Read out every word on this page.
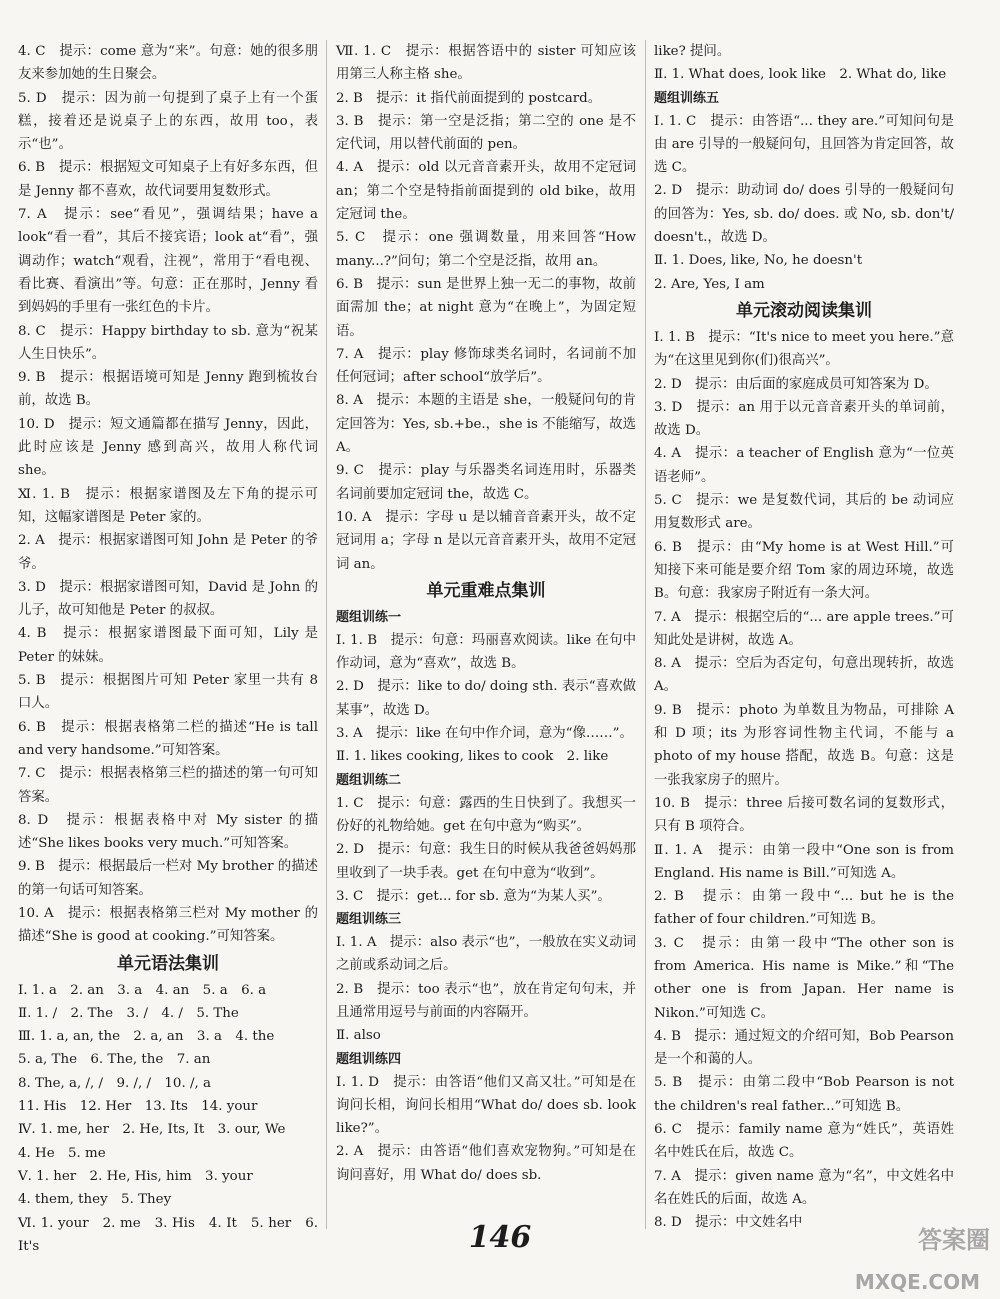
4. C　提示：come 意为“来”。句意：她的很多朋友来参加她的生日聚会。
5. D　提示：因为前一句提到了桌子上有一个蛋糕，接着还是说桌子上的东西，故用 too，表示“也”。
6. B　提示：根据短文可知桌子上有好多东西，但是 Jenny 都不喜欢，故代词要用复数形式。
7. A　提示：see“看见”，强调结果；have a look“看一看”，其后不接宾语；look at“看”，强调动作；watch“观看，注视”，常用于“看电视、看比赛、看演出”等。句意：正在那时，Jenny 看到妈妈的手里有一张红色的卡片。
8. C　提示：Happy birthday to sb. 意为“祝某人生日快乐”。
9. B　提示：根据语境可知是 Jenny 跑到梳妆台前，故选 B。
10. D　提示：短文通篇都在描写 Jenny，因此，此时应该是 Jenny 感到高兴，故用人称代词 she。
Ⅺ. 1. B　提示：根据家谱图及左下角的提示可知，这幅家谱图是 Peter 家的。
2. A　提示：根据家谱图可知 John 是 Peter 的爷爷。
3. D　提示：根据家谱图可知，David 是 John 的儿子，故可知他是 Peter 的叔叔。
4. B　提示：根据家谱图最下面可知，Lily 是 Peter 的妹妹。
5. B　提示：根据图片可知 Peter 家里一共有 8 口人。
6. B　提示：根据表格第二栏的描述“He is tall and very handsome.”可知答案。
7. C　提示：根据表格第三栏的描述的第一句可知答案。
8. D　提示：根据表格中对 My sister 的描述“She likes books very much.”可知答案。
9. B　提示：根据最后一栏对 My brother 的描述的第一句话可知答案。
10. A　提示：根据表格第三栏对 My mother 的描述“She is good at cooking.”可知答案。
单元语法集训
Ⅰ. 1. a　2. an　3. a　4. an　5. a　6. a
Ⅱ. 1. /　2. The　3. /　4. /　5. The
Ⅲ. 1. a, an, the　2. a, an　3. a　4. the
5. a, The　6. The, the　7. an
8. The, a, /, /　9. /, /　10. /, a
11. His　12. Her　13. Its　14. your
Ⅳ. 1. me, her　2. He, Its, It　3. our, We
4. He　5. me
Ⅴ. 1. her　2. He, His, him　3. your
4. them, they　5. They
Ⅵ. 1. your　2. me　3. His　4. It　5. her　6. It's
Ⅶ. 1. C　提示：根据答语中的 sister 可知应该用第三人称主格 she。
2. B　提示：it 指代前面提到的 postcard。
3. B　提示：第一空是泛指；第二空的 one 是不定代词，用以替代前面的 pen。
4. A　提示：old 以元音音素开头，故用不定冠词 an；第二个空是特指前面提到的 old bike，故用定冠词 the。
5. C　提示：one 强调数量，用来回答“How many...?”问句；第二个空是泛指，故用 an。
6. B　提示：sun 是世界上独一无二的事物，故前面需加 the；at night 意为“在晚上”，为固定短语。
7. A　提示：play 修饰球类名词时，名词前不加任何冠词；after school“放学后”。
8. A　提示：本题的主语是 she，一般疑问句的肯定回答为：Yes, sb.+be.，she is 不能缩写，故选 A。
9. C　提示：play 与乐器类名词连用时，乐器类名词前要加定冠词 the，故选 C。
10. A　提示：字母 u 是以辅音音素开头，故不定冠词用 a；字母 n 是以元音音素开头，故用不定冠词 an。
单元重难点集训
题组训练一
Ⅰ. 1. B　提示：句意：玛丽喜欢阅读。like 在句中作动词，意为“喜欢”，故选 B。
2. D　提示：like to do/ doing sth. 表示“喜欢做某事”，故选 D。
3. A　提示：like 在句中作介词，意为“像……”。
Ⅱ. 1. likes cooking, likes to cook　2. like
题组训练二
1. C　提示：句意：露西的生日快到了。我想买一份好的礼物给她。get 在句中意为“购买”。
2. D　提示：句意：我生日的时候从我爸爸妈妈那里收到了一块手表。get 在句中意为“收到”。
3. C　提示：get... for sb. 意为“为某人买”。
题组训练三
Ⅰ. 1. A　提示：also 表示“也”，一般放在实义动词之前或系动词之后。
2. B　提示：too 表示“也”，放在肯定句句末，并且通常用逗号与前面的内容隔开。
Ⅱ. also
题组训练四
Ⅰ. 1. D　提示：由答语“他们又高又壮。”可知是在询问长相，询问长相用“What do/ does sb. look like?”。
2. A　提示：由答语“他们喜欢宠物狗。”可知是在询问喜好，用 What do/ does sb.
like? 提问。
Ⅱ. 1. What does, look like　2. What do, like
题组训练五
Ⅰ. 1. C　提示：由答语“... they are.”可知问句是由 are 引导的一般疑问句，且回答为肯定回答，故选 C。
2. D　提示：助动词 do/ does 引导的一般疑问句的回答为：Yes, sb. do/ does. 或 No, sb. don't/ doesn't.，故选 D。
Ⅱ. 1. Does, like, No, he doesn't
2. Are, Yes, I am
单元滚动阅读集训
Ⅰ. 1. B　提示：“It's nice to meet you here.”意为“在这里见到你(们)很高兴”。
2. D　提示：由后面的家庭成员可知答案为 D。
3. D　提示：an 用于以元音音素开头的单词前，故选 D。
4. A　提示：a teacher of English 意为“一位英语老师”。
5. C　提示：we 是复数代词，其后的 be 动词应用复数形式 are。
6. B　提示：由“My home is at West Hill.”可知接下来可能是要介绍 Tom 家的周边环境，故选 B。句意：我家房子附近有一条大河。
7. A　提示：根据空后的“... are apple trees.”可知此处是讲树，故选 A。
8. A　提示：空后为否定句，句意出现转折，故选 A。
9. B　提示：photo 为单数且为物品，可排除 A 和 D 项；its 为形容词性物主代词，不能与 a photo of my house 搭配，故选 B。句意：这是一张我家房子的照片。
10. B　提示：three 后接可数名词的复数形式，只有 B 项符合。
Ⅱ. 1. A　提示：由第一段中“One son is from England. His name is Bill.”可知选 A。
2. B　提示：由第一段中“... but he is the father of four children.”可知选 B。
3. C　提示：由第一段中“The other son is from America. His name is Mike.”和“The other one is from Japan. Her name is Nikon.”可知选 C。
4. B　提示：通过短文的介绍可知，Bob Pearson 是一个和蔼的人。
5. B　提示：由第二段中“Bob Pearson is not the children's real father...”可知选 B。
6. C　提示：family name 意为“姓氏”，英语姓名中姓氏在后，故选 C。
7. A　提示：given name 意为“名”，中文姓名中名在姓氏的后面，故选 A。
8. D　提示：中文姓名中
146	答案圈
MXQE.COM
